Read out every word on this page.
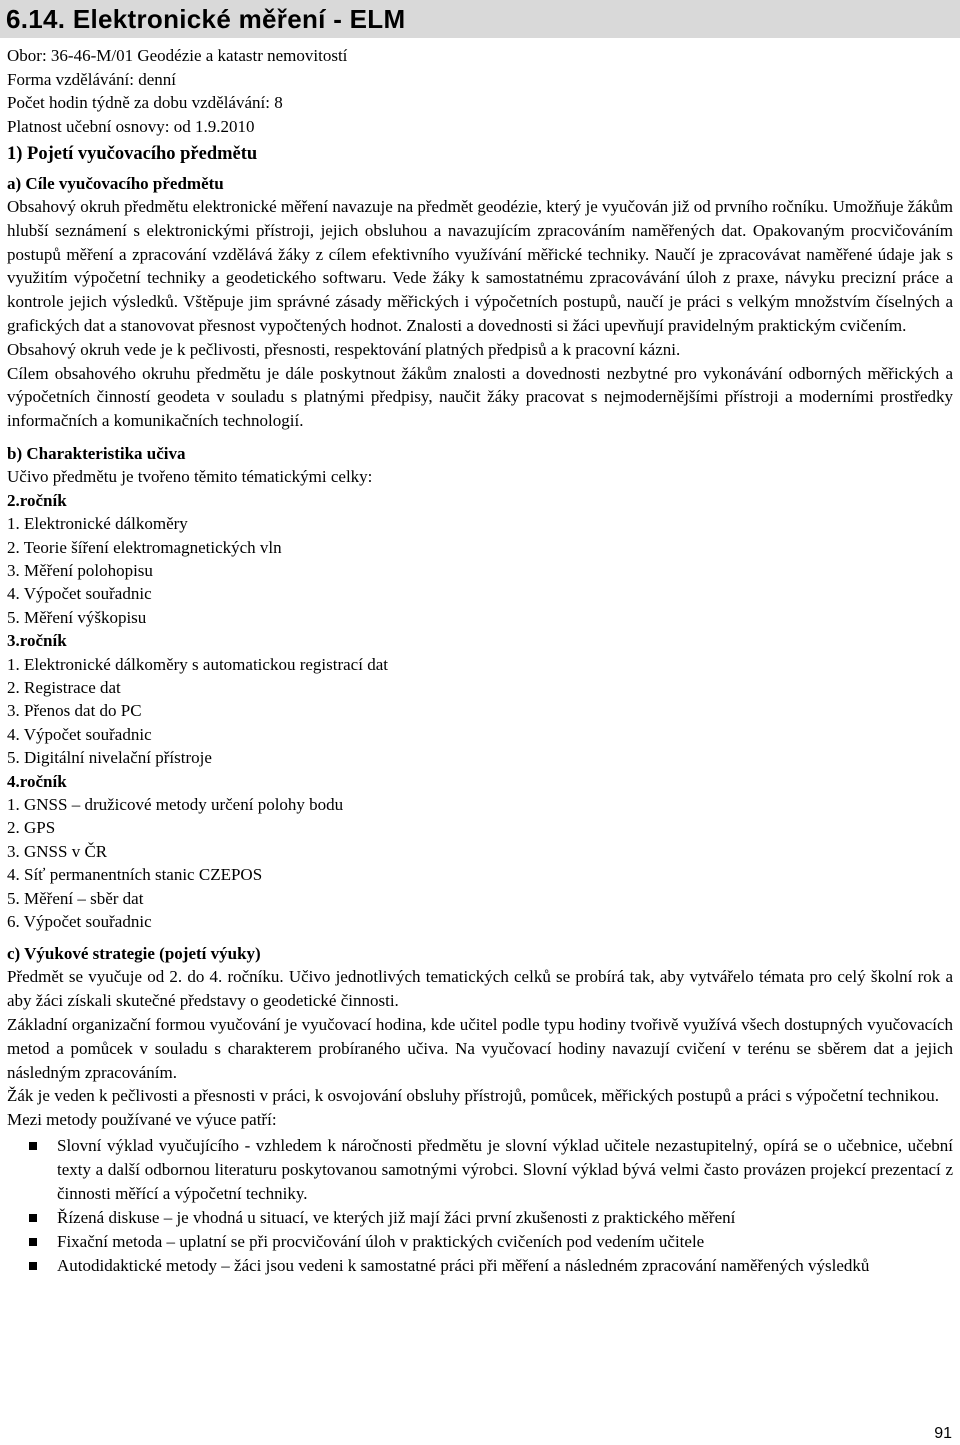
6.14. Elektronické měření - ELM
Obor: 36-46-M/01 Geodézie a katastr nemovitostí
Forma vzdělávání: denní
Počet hodin týdně za dobu vzdělávání: 8
Platnost učební osnovy: od 1.9.2010
1) Pojetí vyučovacího předmětu
a) Cíle vyučovacího předmětu

Obsahový okruh předmětu elektronické měření navazuje na předmět geodézie, který je vyučován již od prvního ročníku. Umožňuje žákům hlubší seznámení s elektronickými přístroji, jejich obsluhou a navazujícím zpracováním naměřených dat. Opakovaným procvičováním postupů měření a zpracování vzdělává žáky z cílem efektivního využívání měřické techniky. Naučí je zpracovávat naměřené údaje jak s využitím výpočetní techniky a geodetického softwaru. Vede žáky k samostatnému zpracovávání úloh z praxe, návyku precizní práce a kontrole jejich výsledků. Vštěpuje jim správné zásady měřických i výpočetních postupů, naučí je práci s velkým množstvím číselných a grafických dat a stanovovat přesnost vypočtených hodnot. Znalosti a dovednosti si žáci upevňují pravidelným praktickým cvičením.

Obsahový okruh vede je k pečlivosti, přesnosti, respektování platných předpisů a k pracovní kázni.

Cílem obsahového okruhu předmětu je dále poskytnout žákům znalosti a dovednosti nezbytné pro vykonávání odborných měřických a výpočetních činností geodeta v souladu s platnými předpisy, naučit žáky pracovat s nejmodernějšími přístroji a moderními prostředky informačních a komunikačních technologií.

b) Charakteristika učiva

Učivo předmětu je tvořeno těmito tématickými celky:

2.ročník
1. Elektronické dálkoměry
2. Teorie šíření elektromagnetických vln
3. Měření polohopisu
4. Výpočet souřadnic
5. Měření výškopisu
3.ročník
1. Elektronické dálkoměry s automatickou registrací dat
2. Registrace dat
3. Přenos dat do PC
4. Výpočet souřadnic
5. Digitální nivelační přístroje
4.ročník
1. GNSS – družicové metody určení polohy bodu
2. GPS
3. GNSS v ČR
4. Síť permanentních stanic CZEPOS
5. Měření – sběr dat
6. Výpočet souřadnic
c) Výukové strategie (pojetí výuky)

Předmět se vyučuje od 2. do 4. ročníku. Učivo jednotlivých tematických celků se probírá tak, aby vytvářelo témata pro celý školní rok a aby žáci získali skutečné představy o geodetické činnosti.

Základní organizační formou vyučování je vyučovací hodina, kde učitel podle typu hodiny tvořivě využívá všech dostupných vyučovacích metod a pomůcek v souladu s charakterem probíraného učiva. Na vyučovací hodiny navazují cvičení v terénu se sběrem dat a jejich následným zpracováním.

Žák je veden k pečlivosti a přesnosti v práci, k osvojování obsluhy přístrojů, pomůcek, měřických postupů a práci s výpočetní technikou.

Mezi metody používané ve výuce patří:

Slovní výklad vyučujícího - vzhledem k náročnosti předmětu je slovní výklad učitele nezastupitelný, opírá se o učebnice, učební texty a další odbornou literaturu poskytovanou samotnými výrobci. Slovní výklad bývá velmi často provázen projekcí prezentací z činnosti měřící a výpočetní techniky.
Řízená diskuse – je vhodná u situací, ve kterých již mají žáci první zkušenosti z praktického měření
Fixační metoda – uplatní se při procvičování úloh v praktických cvičeních pod vedením učitele
Autodidaktické metody – žáci jsou vedeni k samostatné práci při měření a následném zpracování naměřených výsledků
91
